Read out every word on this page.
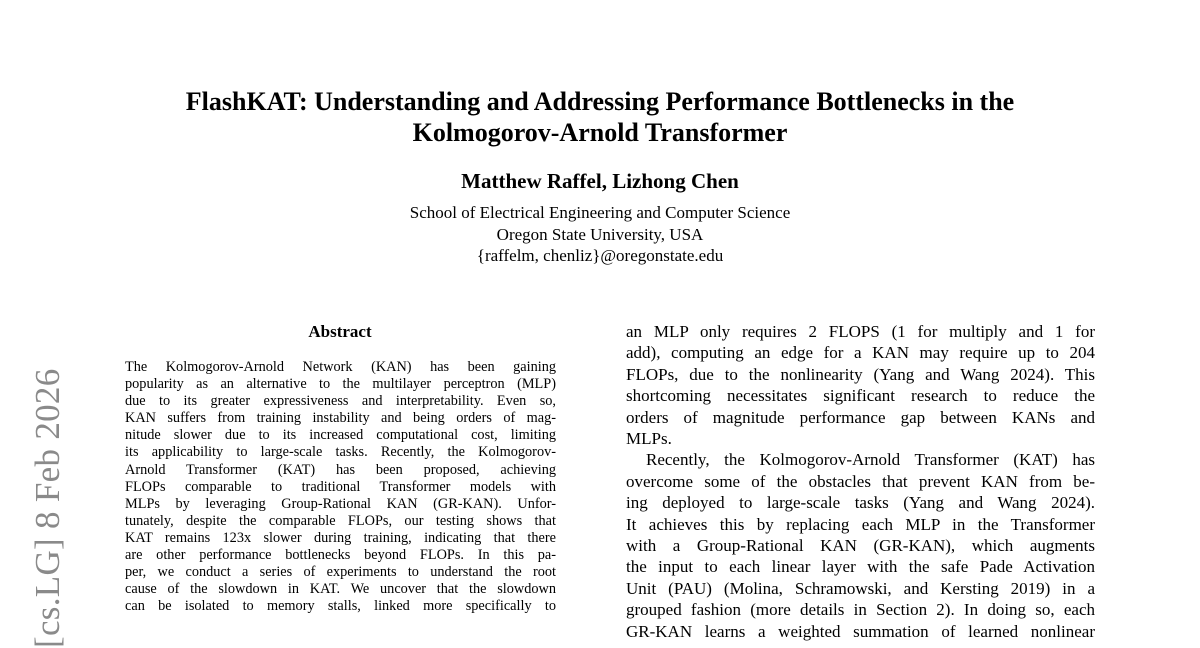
[cs.LG] 8 Feb 2026
FlashKAT: Understanding and Addressing Performance Bottlenecks in the
Kolmogorov-Arnold Transformer
Matthew Raffel, Lizhong Chen
School of Electrical Engineering and Computer Science
Oregon State University, USA
{raffelm, chenliz}@oregonstate.edu
Abstract
The Kolmogorov-Arnold Network (KAN) has been gaining
popularity as an alternative to the multilayer perceptron (MLP)
due to its greater expressiveness and interpretability. Even so,
KAN suffers from training instability and being orders of mag-
nitude slower due to its increased computational cost, limiting
its applicability to large-scale tasks. Recently, the Kolmogorov-
Arnold Transformer (KAT) has been proposed, achieving
FLOPs comparable to traditional Transformer models with
MLPs by leveraging Group-Rational KAN (GR-KAN). Unfor-
tunately, despite the comparable FLOPs, our testing shows that
KAT remains 123x slower during training, indicating that there
are other performance bottlenecks beyond FLOPs. In this pa-
per, we conduct a series of experiments to understand the root
cause of the slowdown in KAT. We uncover that the slowdown
can be isolated to memory stalls, linked more specifically to
an MLP only requires 2 FLOPS (1 for multiply and 1 for
add), computing an edge for a KAN may require up to 204
FLOPs, due to the nonlinearity (Yang and Wang 2024). This
shortcoming necessitates significant research to reduce the
orders of magnitude performance gap between KANs and
MLPs.
Recently, the Kolmogorov-Arnold Transformer (KAT) has
overcome some of the obstacles that prevent KAN from be-
ing deployed to large-scale tasks (Yang and Wang 2024).
It achieves this by replacing each MLP in the Transformer
with a Group-Rational KAN (GR-KAN), which augments
the input to each linear layer with the safe Pade Activation
Unit (PAU) (Molina, Schramowski, and Kersting 2019) in a
grouped fashion (more details in Section 2). In doing so, each
GR-KAN learns a weighted summation of learned nonlinear
